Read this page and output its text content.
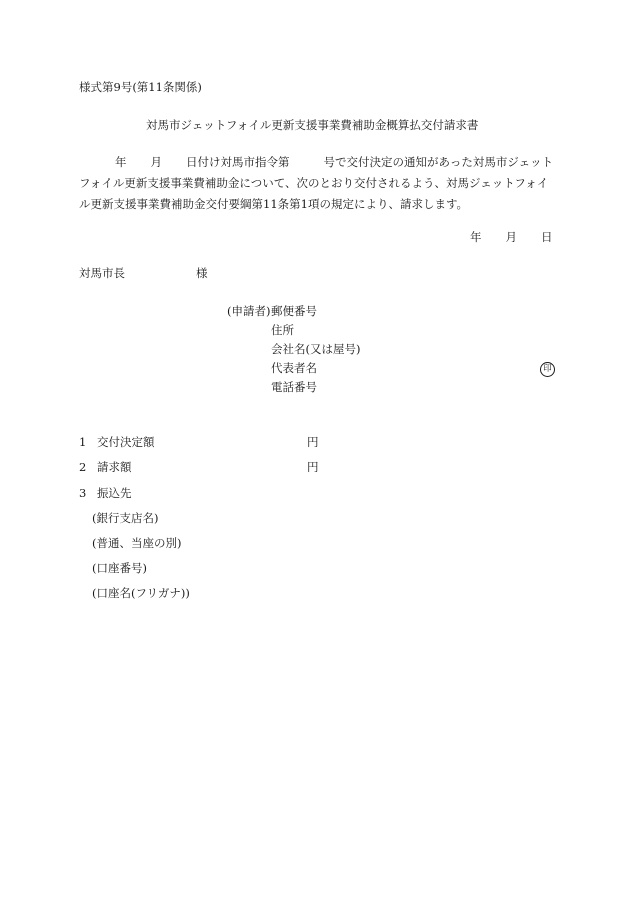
様式第9号(第11条関係)
対馬市ジェットフォイル更新支援事業費補助金概算払交付請求書
年 月 日付け対馬市指令第	号で交付決定の通知があった対馬市ジェットフォイル更新支援事業費補助金について、次のとおり交付されるよう、対馬ジェットフォイル更新支援事業費補助金交付要綱第11条第1項の規定により、請求します。
年 月 日
対馬市長	様
(申請者) 郵便番号
住所
会社名(又は屋号)
代表者名	印
電話番号
1 交付決定額	円
2 請求額	円
3 振込先
(銀行支店名)
(普通、当座の別)
(口座番号)
(口座名(フリガナ))
